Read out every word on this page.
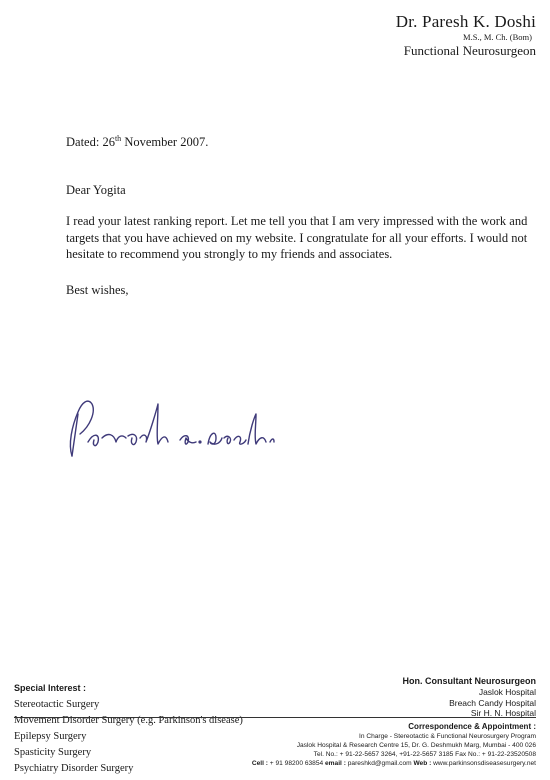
Dr. Paresh K. Doshi
M.S., M. Ch. (Bom)
Functional Neurosurgeon
Dated: 26th November 2007.
Dear Yogita
I read your latest ranking report. Let me tell you that I am very impressed with the work and targets that you have achieved on my website. I congratulate for all your efforts. I would not hesitate to recommend you strongly to my friends and associates.
Best wishes,
Special Interest :
Stereotactic Surgery
Movement Disorder Surgery (e.g. Parkinson's disease)
Epilepsy Surgery
Spasticity Surgery
Psychiatry Disorder Surgery
Hon. Consultant Neurosurgeon
Jaslok Hospital
Breach Candy Hospital
Sir H. N. Hospital
Correspondence & Appointment :
In Charge - Stereotactic & Functional Neurosurgery Program
Jaslok Hospital & Research Centre 15, Dr. G. Deshmukh Marg, Mumbai - 400 026
Tel. No.: + 91-22-5657 3264, +91-22-5657 3185 Fax No.: + 91-22-23520508
Cell : + 91 98200 63854 email : pareshkd@gmail.com Web : www.parkinsonsdiseasesurgery.net
